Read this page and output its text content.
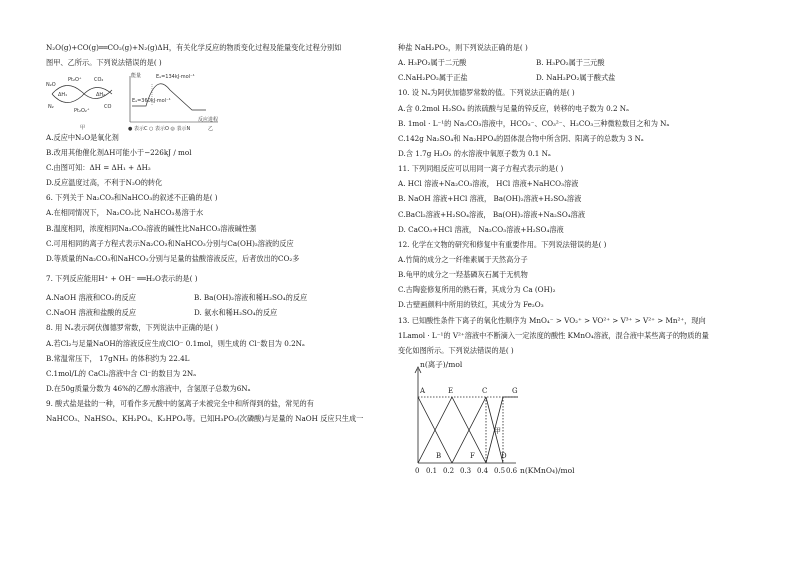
N₂O(g)+CO(g)══CO₂(g)+N₂(g)ΔH，有关化学反应的物质变化过程及能量变化过程分别如

图甲、乙所示。下列说法错误的是( )

N₂O
Pt₂O⁺ CO₂
Pt₂O₂⁺
N₂	CO
ΔH₁	ΔH₂
甲
能量	Eₐ=134kJ·mol⁻¹
Eₐ=360kJ·mol⁻¹
反应进程
● 表示C ○ 表示O ◎ 表示N	乙

A.反应中N₂O是氧化剂

B.改用其他催化剂ΔH可能小于−226kJ / mol

C.由图可知：ΔH = ΔH₁ + ΔH₂

D.反应温度过高，不利于N₂O的转化

6. 下列关于 Na₂CO₃和NaHCO₃的叙述不正确的是( )

A.在相同情况下， Na₂CO₃比 NaHCO₃易溶于水

B.温度相同，浓度相同Na₂CO₃溶液的碱性比NaHCO₃溶液碱性强

C.可用相同的离子方程式表示Na₂CO₃和NaHCO₃分别与Ca(OH)₂溶液的反应

D.等质量的Na₂CO₃和NaHCO₃分别与足量的盐酸溶液反应，后者放出的CO₂多

7. 下列反应能用H⁺ + OH⁻ ══H₂O表示的是( )

A.NaOH 溶液和CO₂的反应	B. Ba(OH)₂溶液和稀H₂SO₄的反应
C.NaOH 溶液和盐酸的反应	D. 氨水和稀H₂SO₄的反应

8. 用 Nₐ表示阿伏伽德罗常数，下列说法中正确的是( )

A.若Cl₂与足量NaOH的溶液反应生成ClO⁻ 0.1mol，则生成的 Cl⁻数目为 0.2Nₐ

B.常温常压下， 17gNH₃ 的体积约为 22.4L

C.1mol/L的 CaCl₂溶液中含 Cl⁻的数目为 2Nₐ

D.在50g质量分数为 46%的乙醇水溶液中，含氢原子总数为6Nₐ

9. 酸式盐是盐的一种，可看作多元酸中的氢离子未被完全中和所得到的盐，常见的有

NaHCO₃、NaHSO₄、KH₂PO₄、K₂HPO₄等。已知H₃PO₂(次磷酸)与足量的 NaOH 反应只生成一

种盐 NaH₂PO₂，则下列说法正确的是( )

A. H₃PO₂属于二元酸	B. H₃PO₂属于三元酸
C.NaH₂PO₂属于正盐	D. NaH₂PO₂属于酸式盐

10. 设 Nₐ为阿伏加德罗常数的值。下列说法正确的是( )

A.含 0.2mol H₂SO₄ 的浓硫酸与足量的锌反应，转移的电子数为 0.2 Nₐ

B. 1mol · L⁻¹的 Na₂CO₃溶液中，HCO₃⁻、CO₃²⁻、H₂CO₃三种微粒数目之和为 Nₐ

C.142g Na₂SO₄和 Na₂HPO₄的固体混合物中所含阴、阳离子的总数为 3 Nₐ

D.含 1.7g H₂O₂ 的水溶液中氧原子数为 0.1 Nₐ

11. 下列同组反应可以用同一离子方程式表示的是( )

A. HCl 溶液+Na₂CO₃溶液， HCl 溶液+NaHCO₃溶液

B. NaOH 溶液+HCl 溶液， Ba(OH)₂溶液+H₂SO₄溶液

C.BaCl₂溶液+H₂SO₄溶液， Ba(OH)₂溶液+Na₂SO₄溶液

D. CaCO₃+HCl 溶液， Na₂CO₃溶液+H₂SO₄溶液

12. 化学在文物的研究和修复中有重要作用。下列说法错误的是( )

A.竹简的成分之一纤维素属于天然高分子

B.龟甲的成分之一羟基磷灰石属于无机物

C.古陶瓷修复所用的熟石膏，其成分为 Ca (OH)₂

D.古壁画颜料中所用的铁红，其成分为 Fe₂O₃

13. 已知酸性条件下离子的氧化性顺序为 MnO₄⁻ > VO₂⁺ > VO²⁺ > V³⁺ > V²⁺ > Mn²⁺，现向

1Lamol · L⁻¹的 V²⁺溶液中不断滴入一定浓度的酸性 KMnO₄溶液，混合液中某些离子的物质的量

变化如图所示。下列说法错误的是( )

n(离子)/mol
A	E	C	G
B	F	D
甲
0 0.1 0.2 0.3 0.4 0.5 0.6 n(KMnO₄)/mol
